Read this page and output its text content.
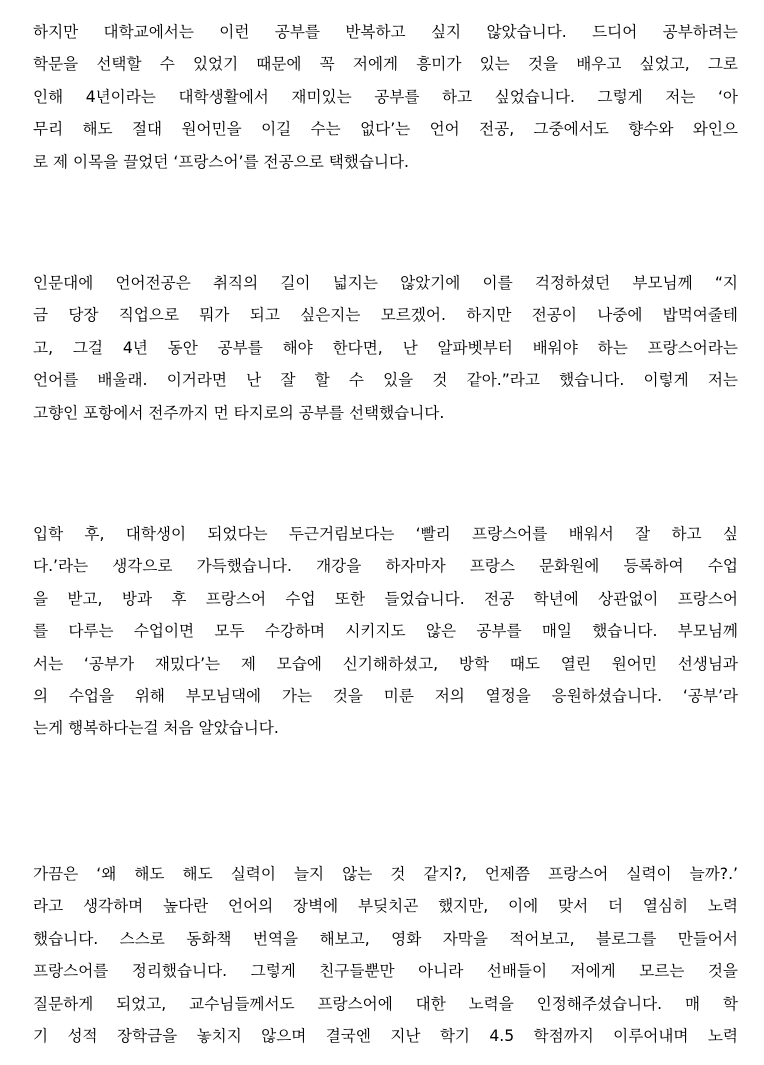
하지만 대학교에서는 이런 공부를 반복하고 싶지 않았습니다. 드디어 공부하려는
학문을 선택할 수 있었기 때문에 꼭 저에게 흥미가 있는 것을 배우고 싶었고, 그로
인해 4년이라는 대학생활에서 재미있는 공부를 하고 싶었습니다. 그렇게 저는 ‘아
무리 해도 절대 원어민을 이길 수는 없다’는 언어 전공, 그중에서도 향수와 와인으
로 제 이목을 끌었던 ‘프랑스어’를 전공으로 택했습니다.
인문대에 언어전공은 취직의 길이 넓지는 않았기에 이를 걱정하셨던 부모님께 “지
금 당장 직업으로 뭐가 되고 싶은지는 모르겠어. 하지만 전공이 나중에 밥먹여줄테
고, 그걸 4년 동안 공부를 해야 한다면, 난 알파벳부터 배워야 하는 프랑스어라는
언어를 배울래. 이거라면 난 잘 할 수 있을 것 같아.”라고 했습니다. 이렇게 저는
고향인 포항에서 전주까지 먼 타지로의 공부를 선택했습니다.
입학 후, 대학생이 되었다는 두근거림보다는 ‘빨리 프랑스어를 배워서 잘 하고 싶
다.’라는 생각으로 가득했습니다. 개강을 하자마자 프랑스 문화원에 등록하여 수업
을 받고, 방과 후 프랑스어 수업 또한 들었습니다. 전공 학년에 상관없이 프랑스어
를 다루는 수업이면 모두 수강하며 시키지도 않은 공부를 매일 했습니다. 부모님께
서는 ‘공부가 재밌다’는 제 모습에 신기해하셨고, 방학 때도 열린 원어민 선생님과
의 수업을 위해 부모님댁에 가는 것을 미룬 저의 열정을 응원하셨습니다. ‘공부’라
는게 행복하다는걸 처음 알았습니다.
가끔은 ‘왜 해도 해도 실력이 늘지 않는 것 같지?, 언제쯤 프랑스어 실력이 늘까?.’
라고 생각하며 높다란 언어의 장벽에 부딪치곤 했지만, 이에 맞서 더 열심히 노력
했습니다. 스스로 동화책 번역을 해보고, 영화 자막을 적어보고, 블로그를 만들어서
프랑스어를 정리했습니다. 그렇게 친구들뿐만 아니라 선배들이 저에게 모르는 것을
질문하게 되었고, 교수님들께서도 프랑스어에 대한 노력을 인정해주셨습니다. 매 학
기 성적 장학금을 놓치지 않으며 결국엔 지난 학기 4.5 학점까지 이루어내며 노력
